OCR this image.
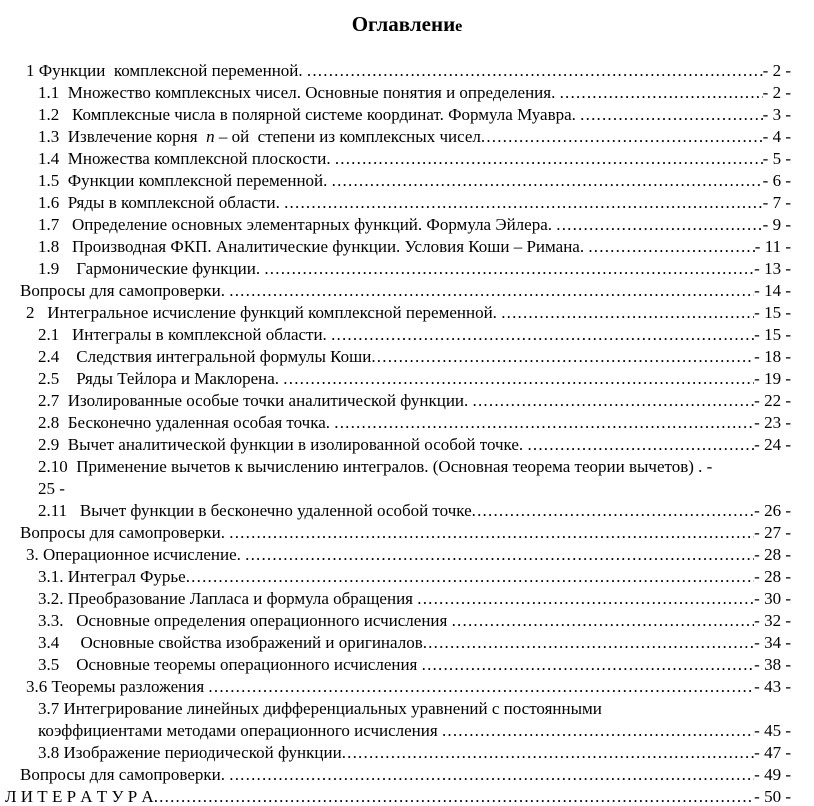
Оглавление
1 Функции  комплексной переменной. .....	- 2 -
1.1  Множество комплексных чисел. Основные понятия и определения. .....	- 2 -
1.2   Комплексные числа в полярной системе координат. Формула Муавра. .....	- 3 -
1.3  Извлечение корня  n – ой  степени из комплексных чисел .....	- 4 -
1.4  Множества комплексной плоскости. .....	- 5 -
1.5  Функции комплексной переменной. .....	- 6 -
1.6  Ряды в комплексной области. .....	- 7 -
1.7   Определение основных элементарных функций. Формула Эйлера. .....	- 9 -
1.8   Производная ФКП. Аналитические функции. Условия Коши – Римана. .....	- 11 -
1.9    Гармонические функции. .....	- 13 -
Вопросы для самопроверки. .....	- 14 -
2   Интегральное исчисление функций комплексной переменной. .....	- 15 -
2.1   Интегралы в комплексной области. .....	- 15 -
2.4    Следствия интегральной формулы Коши .....	- 18 -
2.5    Ряды Тейлора и Маклорена. .....	- 19 -
2.7  Изолированные особые точки аналитической функции. .....	- 22 -
2.8  Бесконечно удаленная особая точка. .....	- 23 -
2.9  Вычет аналитической функции в изолированной особой точке. .....	- 24 -
2.10  Применение вычетов к вычислению интегралов. (Основная теорема теории вычетов) . -
25 -
2.11   Вычет функции в бесконечно удаленной особой точке .....	- 26 -
Вопросы для самопроверки. .....	- 27 -
3. Операционное исчисление. .....	- 28 -
3.1. Интеграл Фурье .....	- 28 -
3.2. Преобразование Лапласа и формула обращения .....	- 30 -
3.3.   Основные определения операционного исчисления .....	- 32 -
3.4     Основные свойства изображений и оригиналов .....	- 34 -
3.5    Основные теоремы операционного исчисления .....	- 38 -
3.6 Теоремы разложения .....	- 43 -
3.7 Интегрирование линейных дифференциальных уравнений с постоянными
коэффициентами методами операционного исчисления .....	- 45 -
3.8 Изображение периодической функции .....	- 47 -
Вопросы для самопроверки. .....	- 49 -
Л И Т Е Р А Т У Р А .....	- 50 -
